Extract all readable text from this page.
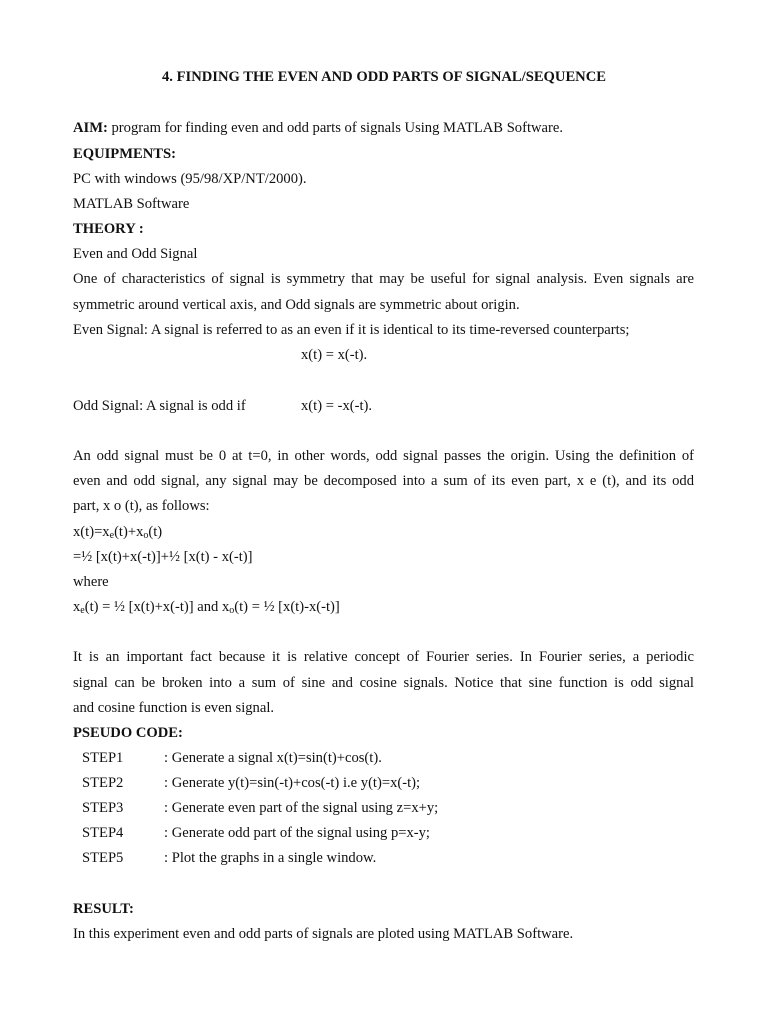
4. FINDING THE EVEN AND ODD PARTS OF SIGNAL/SEQUENCE
AIM: program for finding even and odd parts of signals Using MATLAB Software.
EQUIPMENTS:
PC with windows (95/98/XP/NT/2000).
MATLAB Software
THEORY :
Even and Odd Signal
One of characteristics of signal is symmetry that may be useful for signal analysis. Even signals are
symmetric around vertical axis, and Odd signals are symmetric about origin.
Even Signal: A signal is referred to as an even if it is identical to its time-reversed counterparts;
x(t) = x(-t).
Odd Signal: A signal is odd if	x(t) = -x(-t).
An odd signal must be 0 at t=0, in other words, odd signal passes the origin. Using the definition of
even and odd signal, any signal may be decomposed into a sum of its even part, x e (t), and its odd
part, x o (t), as follows:
$x(t)=x_e(t)+x_o(t)$
=½ [x(t)+x(-t)]+½ [x(t) - x(-t)]
where
$x_e(t)$ = ½ [x(t)+x(-t)] and $x_o(t)$ = ½ [x(t)-x(-t)]
It is an important fact because it is relative concept of Fourier series. In Fourier series, a periodic
signal can be broken into a sum of sine and cosine signals. Notice that sine function is odd signal
and cosine function is even signal.
PSEUDO CODE:
STEP1	: Generate a signal x(t)=sin(t)+cos(t).
STEP2	: Generate y(t)=sin(-t)+cos(-t) i.e y(t)=x(-t);
STEP3	: Generate even part of the signal using z=x+y;
STEP4	: Generate odd part of the signal using p=x-y;
STEP5	: Plot the graphs in a single window.
RESULT:
In this experiment even and odd parts of signals are ploted using MATLAB Software.
